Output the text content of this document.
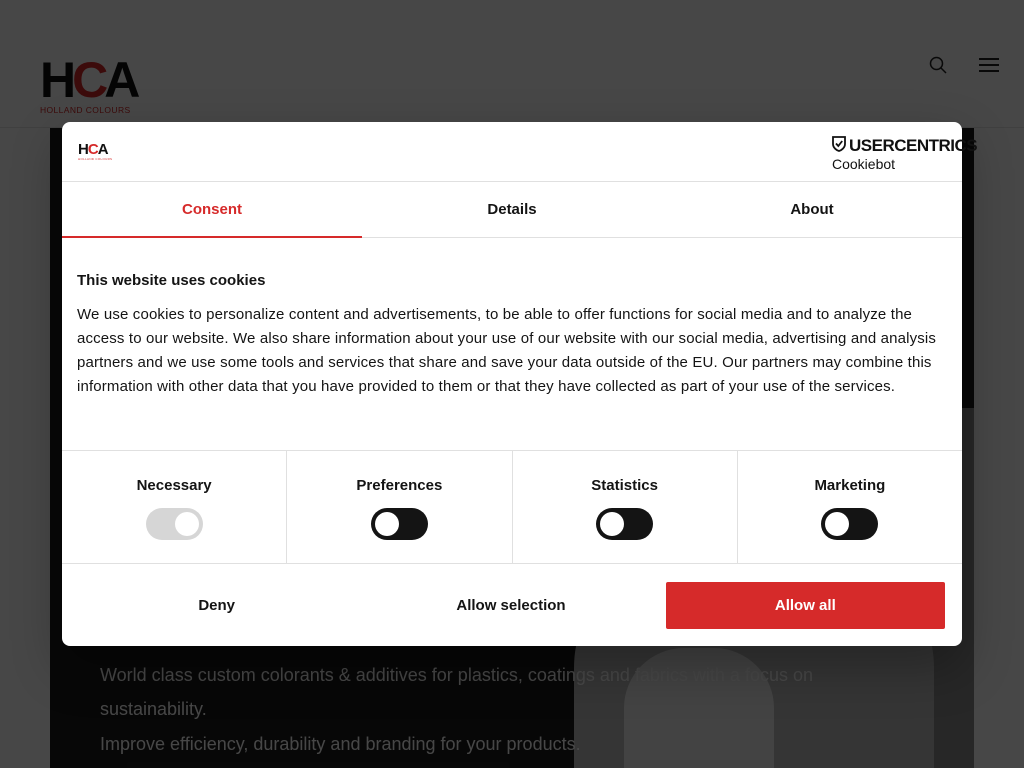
HCA
HOLLAND COLOURS
USERCENTRICS
Cookiebot
Consent	Details	About
This website uses cookies
We use cookies to personalize content and advertisements, to be able to offer functions for social media and to analyze the access to our website. We also share information about your use of our website with our social media, advertising and analysis partners and we use some tools and services that share and save your data outside of the EU. Our partners may combine this information with other data that you have provided to them or that they have collected as part of your use of the services.
Necessary	Preferences	Statistics	Marketing
Deny	Allow selection	Allow all
